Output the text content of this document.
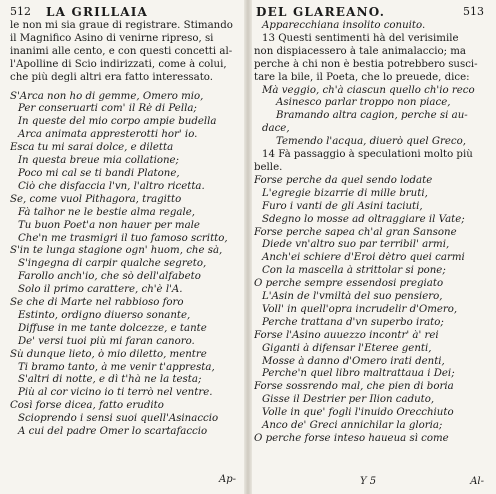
512 LA GRILLAIA
le non mi sia graue di registrare. Stimando
il Magnifico Asino di venirne ripreso, si
inanimi alle cento, e con questi concetti al-
l'Apolline di Scio indirizzati, come à colui,
che più degli altri era fatto interessato.
S'Arca non ho di gemme, Omero mio,
Per conseruarti com' il Rè di Pella;
In queste del mio corpo ampie budella
Arca animata appresterotti hor' io.
Esca tu mi sarai dolce, e diletta
In questa breue mia collatione;
Poco mi cal se ti bandi Platone,
Ciò che disfaccia l'vn, l'altro ricetta.
Se, come vuol Pithagora, tragitto
Fà talhor ne le bestie alma regale,
Tu buon Poet'a non hauer per male
Che'n me trasmigri il tuo famoso scritto,
S'in te lunga stagione ogn' huom, che sà,
S'ingegna di carpir qualche segreto,
Farollo anch'io, che sò dell'alfabeto
Solo il primo carattere, ch'è l'A.
Se che di Marte nel rabbioso foro
Estinto, ordigno diuerso sonante,
Diffuse in me tante dolcezze, e tante
De' versi tuoi più mi faran canoro.
Sù dunque lieto, ò mio diletto, mentre
Ti bramo tanto, à me venir t'appresta,
S'altri di notte, e dì t'hà ne la testa;
Più al cor vicino io ti terrò nel ventre.
Così forse dicea, fatto erudito
Scioprendo i sensi suoi quell'Asinaccio
A cui del padre Omer lo scartafaccio
Ap-
DEL GLAREANO.	513
Apparecchiana insolito conuito.
13 Questi sentimenti hà del verisimile
non dispiacessero à tale animalaccio; ma
perche à chi non è bestia potrebbero susci-
tare la bile, il Poeta, che lo preuede, dice:
Mà veggio, ch'à ciascun quello ch'io reco
Asinesco parlar troppo non piace,
Bramando altra cagion, perche si au-
dace,
Temendo l'acqua, diuerò quel Greco,
14 Fà passaggio à speculationi molto più
belle.
Forse perche da quel sendo lodate
L'egregie bizarrie di mille bruti,
Furo i vanti de gli Asini taciuti,
Sdegno lo mosse ad oltraggiare il Vate;
Forse perche sapea ch'al gran Sansone
Diede vn'altro suo par terribil' armi,
Anch'ei schiere d'Eroi dètro quei carmi
Con la mascella à strittolar si pone;
O perche sempre essendosi pregiato
L'Asin de l'vmiltà del suo pensiero,
Voll' in quell'opra incrudelir d'Omero,
Perche trattana d'vn superbo irato;
Forse l'Asino auuezzo incontr' à' rei
Giganti à difensar l'Eteree genti,
Mosse à danno d'Omero irati denti,
Perche'n quel libro maltrattaua i Dei;
Forse sossrendo mal, che pien di boria
Gisse il Destrier per Ilion caduto,
Volle in que' fogli l'inuido Orecchiuto
Anco de' Greci annichilar la gloria;
O perche forse inteso haueua sì come
Y 5	Al-
